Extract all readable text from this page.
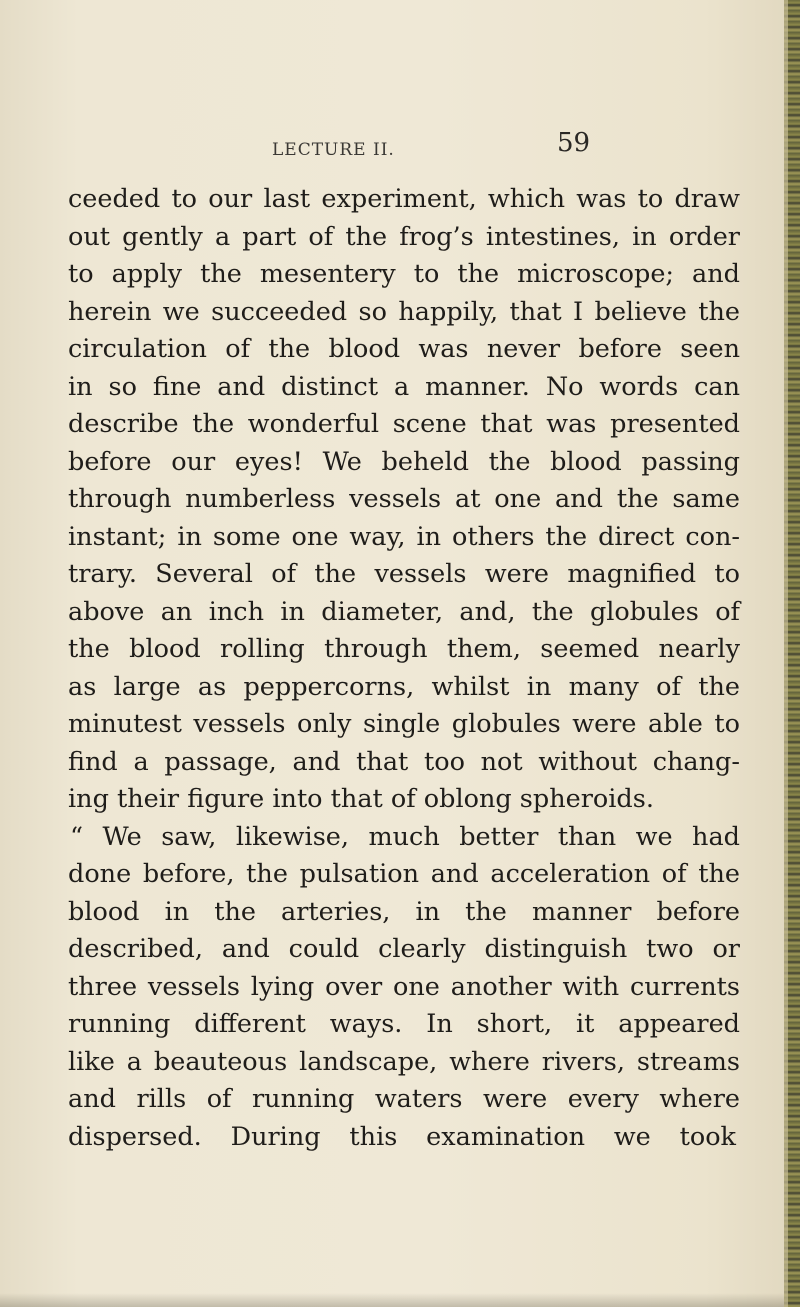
LECTURE II.	59
ceeded to our last experiment, which was to draw
out gently a part of the frog’s intestines, in order
to apply the mesentery to the microscope; and
herein we succeeded so happily, that I believe the
circulation of the blood was never before seen
in so fine and distinct a manner. No words can
describe the wonderful scene that was presented
before our eyes! We beheld the blood passing
through numberless vessels at one and the same
instant; in some one way, in others the direct con-
trary. Several of the vessels were magnified to
above an inch in diameter, and, the globules of
the blood rolling through them, seemed nearly
as large as peppercorns, whilst in many of the
minutest vessels only single globules were able to
find a passage, and that too not without chang-
ing their figure into that of oblong spheroids.
“ We saw, likewise, much better than we had
done before, the pulsation and acceleration of the
blood in the arteries, in the manner before
described, and could clearly distinguish two or
three vessels lying over one another with currents
running different ways. In short, it appeared
like a beauteous landscape, where rivers, streams
and rills of running waters were every where
dispersed. During this examination we took
